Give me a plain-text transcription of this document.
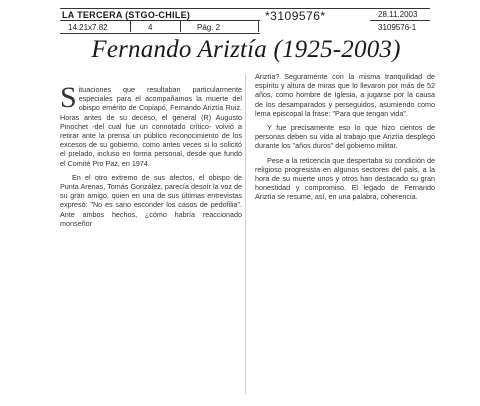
LA TERCERA (STGO-CHILE)	*3109576*	28.11.2003
14.21x7.82	4	Pág. 2	3109576-1
Fernando Ariztía (1925-2003)

Situaciones que resultaban particularmente especiales para el acompañamos la muerte del obispo emérito de Copiapó, Fernando Ariztía Ruiz. Horas antes de su deceso, el general (R) Augusto Pinochet -del cual fue un connotado crítico- volvió a retirar ante la prensa un público reconocimiento de los excesos de su gobierno, como antes veces si lo solicitó el prelado, incluso en forma personal, desde que fundó el Comité Pro Paz, en 1974.

En el otro extremo de sus afectos, el obispo de Punta Arenas, Tomás González, parecía desoír la voz de su gran amigo, quien en una de sus últimas entrevistas expresó: "No es sano esconder los casos de pedofilia". Ante ambos hechos, ¿cómo habría reaccionado monseñor

Ariztía? Seguramente con la misma tranquilidad de espíritu y altura de miras que lo llevaron por más de 52 años, como hombre de Iglesia, a jugarse por la causa de los desamparados y perseguidos, asumiendo como lema episcopal la frase: "Para que tengan vida".

Y fue precisamente eso lo que hizo cientos de personas deben su vida al trabajo que Ariztía desplegó durante los "años duros" del gobierno militar.

Pese a la reticencia que despertaba su condición de religioso progresista en algunos sectores del país, a la hora de su muerte unos y otros han destacado su gran honestidad y compromiso. El legado de Fernando Ariztía se resume, así, en una palabra, coherencia.
